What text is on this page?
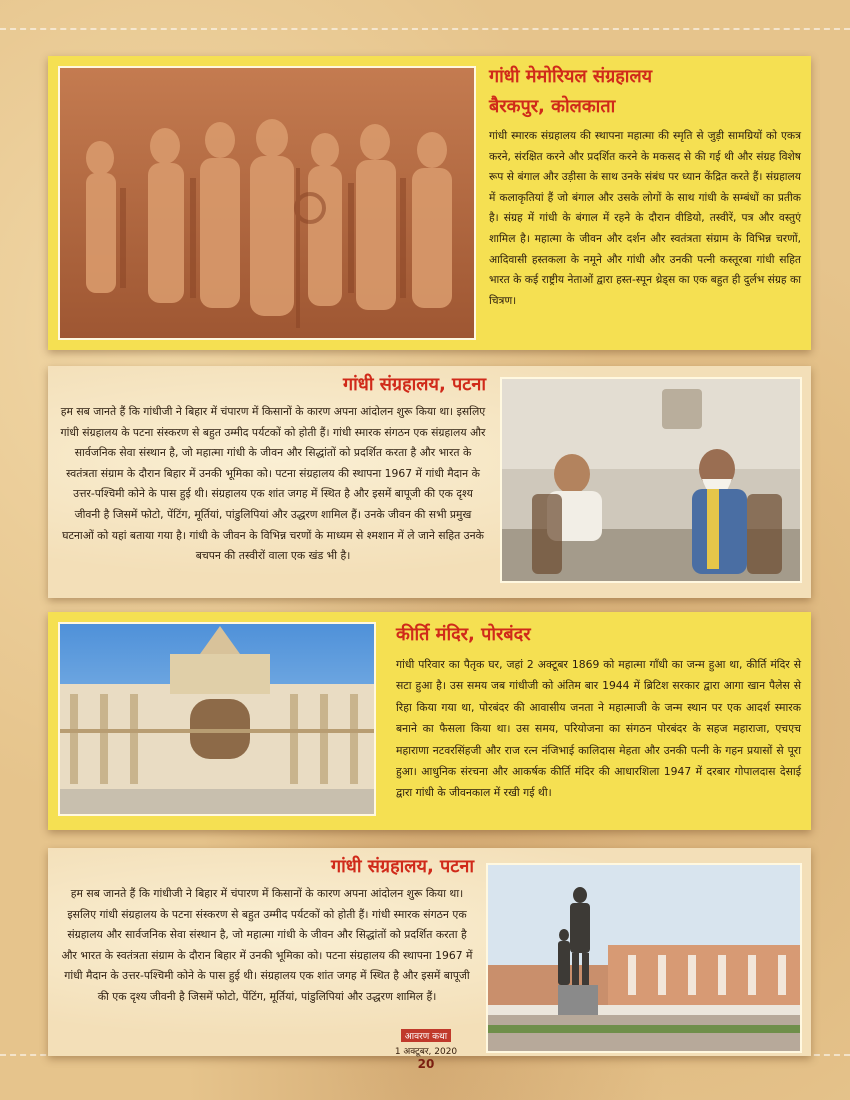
गांधी मेमोरियल संग्रहालय
बैरकपुर, कोलकाता
गांधी स्मारक संग्रहालय की स्थापना महात्मा की स्मृति से जुड़ी सामग्रियों को एकत्र करने, संरक्षित करने और प्रदर्शित करने के मकसद से की गई थी और संग्रह विशेष रूप से बंगाल और उड़ीसा के साथ उनके संबंध पर ध्यान केंद्रित करते हैं। संग्रहालय में कलाकृतियां हैं जो बंगाल और उसके लोगों के साथ गांधी के सम्बंधों का प्रतीक है। संग्रह में गांधी के बंगाल में रहने के दौरान वीडियो, तस्वीरें, पत्र और वस्तुएं शामिल है। महात्मा के जीवन और दर्शन और स्वतंत्रता संग्राम के विभिन्न चरणों, आदिवासी हस्तकला के नमूने और गांधी और उनकी पत्नी कस्तूरबा गांधी सहित भारत के कई राष्ट्रीय नेताओं द्वारा हस्त-स्पून थ्रेड्स का एक बहुत ही दुर्लभ संग्रह का चित्रण।
गांधी संग्रहालय, पटना
हम सब जानते हैं कि गांधीजी ने बिहार में चंपारण में किसानों के कारण अपना आंदोलन शुरू किया था। इसलिए गांधी संग्रहालय के पटना संस्करण से बहुत उम्मीद पर्यटकों को होती हैं। गांधी स्मारक संगठन एक संग्रहालय और सार्वजनिक सेवा संस्थान है, जो महात्मा गांधी के जीवन और सिद्धांतों को प्रदर्शित करता है और भारत के स्वतंत्रता संग्राम के दौरान बिहार में उनकी भूमिका को। पटना संग्रहालय की स्थापना 1967 में गांधी मैदान के उत्तर-पश्चिमी कोने के पास हुई थी। संग्रहालय एक शांत जगह में स्थित है और इसमें बापूजी की एक दृश्य जीवनी है जिसमें फोटो, पेंटिंग, मूर्तियां, पांडुलिपियां और उद्धरण शामिल हैं। उनके जीवन की सभी प्रमुख घटनाओं को यहां बताया गया है। गांधी के जीवन के विभिन्न चरणों के माध्यम से श्मशान में ले जाने सहित उनके बचपन की तस्वीरों वाला एक खंड भी है।
कीर्ति मंदिर, पोरबंदर
गांधी परिवार का पैतृक घर, जहां 2 अक्टूबर 1869 को महात्मा गाँधी का जन्म हुआ था, कीर्ति मंदिर से सटा हुआ है। उस समय जब गांधीजी को अंतिम बार 1944 में ब्रिटिश सरकार द्वारा आगा खान पैलेस से रिहा किया गया था, पोरबंदर की आवासीय जनता ने महात्माजी के जन्म स्थान पर एक आदर्श स्मारक बनाने का फैसला किया था। उस समय, परियोजना का संगठन पोरबंदर के सहज महाराजा, एचएच महाराणा नटवरसिंहजी और राज रत्न नंजिभाई कालिदास मेहता और उनकी पत्नी के गहन प्रयासों से पूरा हुआ। आधुनिक संरचना और आकर्षक कीर्ति मंदिर की आधारशिला 1947 में दरबार गोपालदास देसाई द्वारा गांधी के जीवनकाल में रखी गई थी।
गांधी संग्रहालय, पटना
हम सब जानते हैं कि गांधीजी ने बिहार में चंपारण में किसानों के कारण अपना आंदोलन शुरू किया था। इसलिए गांधी संग्रहालय के पटना संस्करण से बहुत उम्मीद पर्यटकों को होती हैं। गांधी स्मारक संगठन एक संग्रहालय और सार्वजनिक सेवा संस्थान है, जो महात्मा गांधी के जीवन और सिद्धांतों को प्रदर्शित करता है और भारत के स्वतंत्रता संग्राम के दौरान बिहार में उनकी भूमिका को। पटना संग्रहालय की स्थापना 1967 में गांधी मैदान के उत्तर-पश्चिमी कोने के पास हुई थी। संग्रहालय एक शांत जगह में स्थित है और इसमें बापूजी की एक दृश्य जीवनी है जिसमें फोटो, पेंटिंग, मूर्तियां, पांडुलिपियां और उद्धरण शामिल हैं।
आवरण कथा
1 अक्टूबर, 2020
20
